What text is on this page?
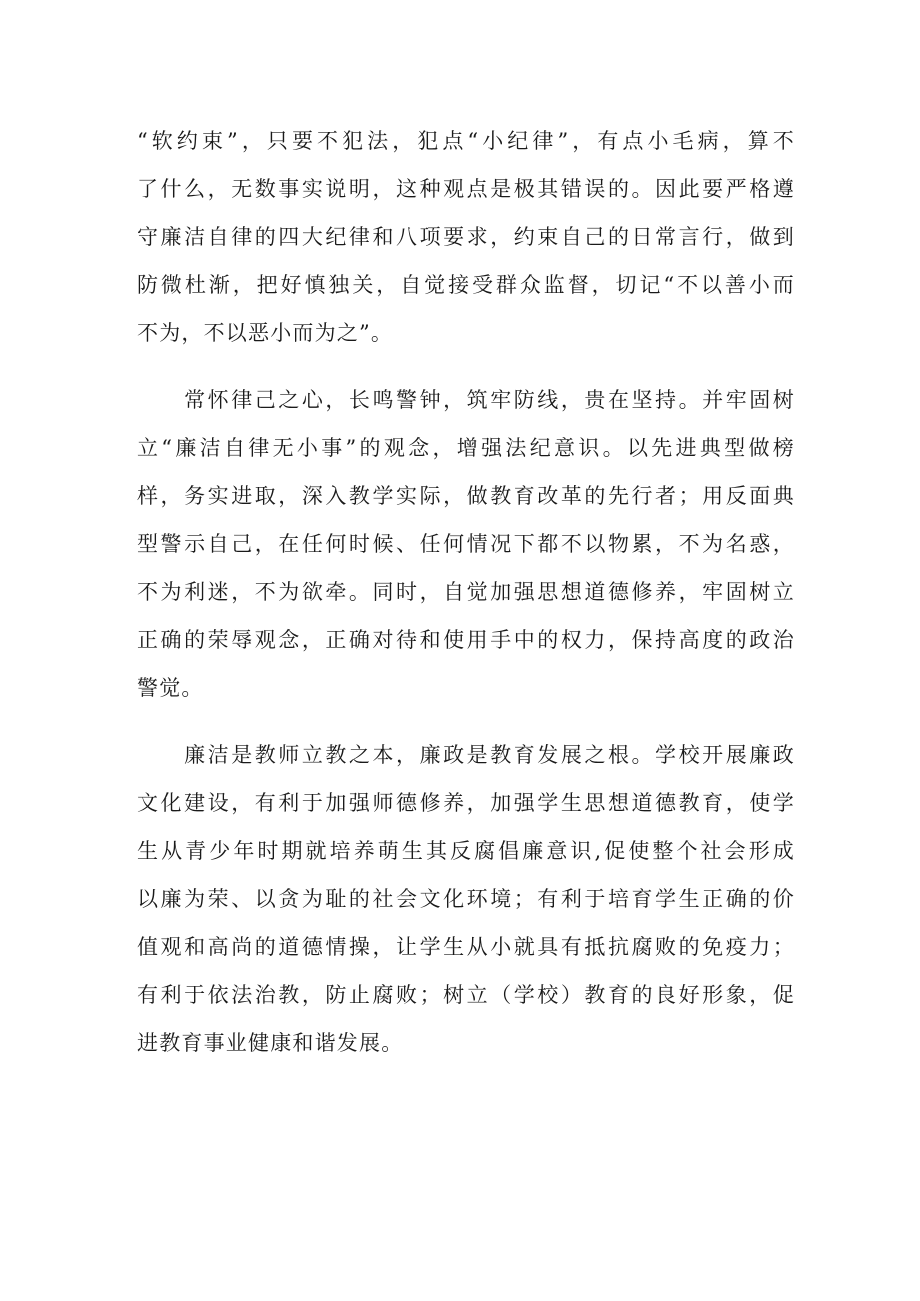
“软约束”，只要不犯法，犯点“小纪律”，有点小毛病，算不
了什么，无数事实说明，这种观点是极其错误的。因此要严格遵
守廉洁自律的四大纪律和八项要求，约束自己的日常言行，做到
防微杜渐，把好慎独关，自觉接受群众监督，切记“不以善小而
不为，不以恶小而为之”。
　　常怀律己之心，长鸣警钟，筑牢防线，贵在坚持。并牢固树
立“廉洁自律无小事”的观念，增强法纪意识。以先进典型做榜
样，务实进取，深入教学实际，做教育改革的先行者；用反面典
型警示自己，在任何时候、任何情况下都不以物累，不为名惑，
不为利迷，不为欲牵。同时，自觉加强思想道德修养，牢固树立
正确的荣辱观念，正确对待和使用手中的权力，保持高度的政治
警觉。
　　廉洁是教师立教之本，廉政是教育发展之根。学校开展廉政
文化建设，有利于加强师德修养，加强学生思想道德教育，使学
生从青少年时期就培养萌生其反腐倡廉意识,促使整个社会形成
以廉为荣、以贪为耻的社会文化环境；有利于培育学生正确的价
值观和高尚的道德情操，让学生从小就具有抵抗腐败的免疫力；
有利于依法治教，防止腐败；树立（学校）教育的良好形象，促
进教育事业健康和谐发展。
